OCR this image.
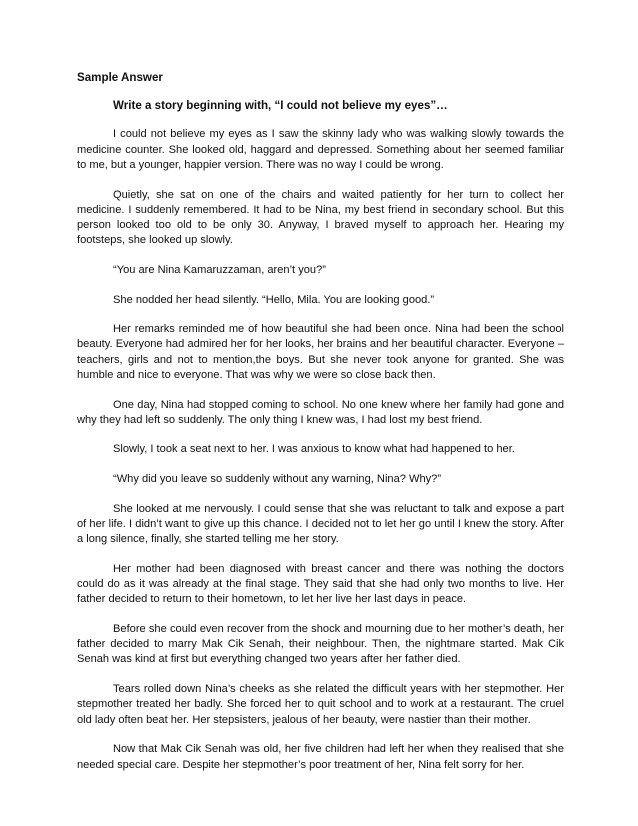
Sample Answer
Write a story beginning with, “I could not believe my eyes”…

I could not believe my eyes as I saw the skinny lady who was walking slowly towards the medicine counter. She looked old, haggard and depressed. Something about her seemed familiar to me, but a younger, happier version. There was no way I could be wrong.

Quietly, she sat on one of the chairs and waited patiently for her turn to collect her medicine. I suddenly remembered. It had to be Nina, my best friend in secondary school. But this person looked too old to be only 30. Anyway, I braved myself to approach her. Hearing my footsteps, she looked up slowly.

“You are Nina Kamaruzzaman, aren’t you?”

She nodded her head silently. “Hello, Mila. You are looking good.”

Her remarks reminded me of how beautiful she had been once. Nina had been the school beauty. Everyone had admired her for her looks, her brains and her beautiful character. Everyone – teachers, girls and not to mention,the boys. But she never took anyone for granted. She was humble and nice to everyone. That was why we were so close back then.

One day, Nina had stopped coming to school. No one knew where her family had gone and why they had left so suddenly. The only thing I knew was, I had lost my best friend.

Slowly, I took a seat next to her. I was anxious to know what had happened to her.

“Why did you leave so suddenly without any warning, Nina? Why?”

She looked at me nervously. I could sense that she was reluctant to talk and expose a part of her life. I didn’t want to give up this chance. I decided not to let her go until I knew the story. After a long silence, finally, she started telling me her story.

Her mother had been diagnosed with breast cancer and there was nothing the doctors could do as it was already at the final stage. They said that she had only two months to live. Her father decided to return to their hometown, to let her live her last days in peace.

Before she could even recover from the shock and mourning due to her mother’s death, her father decided to marry Mak Cik Senah, their neighbour. Then, the nightmare started. Mak Cik Senah was kind at first but everything changed two years after her father died.

Tears rolled down Nina’s cheeks as she related the difficult years with her stepmother. Her stepmother treated her badly. She forced her to quit school and to work at a restaurant. The cruel old lady often beat her. Her stepsisters, jealous of her beauty, were nastier than their mother.

Now that Mak Cik Senah was old, her five children had left her when they realised that she needed special care. Despite her stepmother’s poor treatment of her, Nina felt sorry for her.
